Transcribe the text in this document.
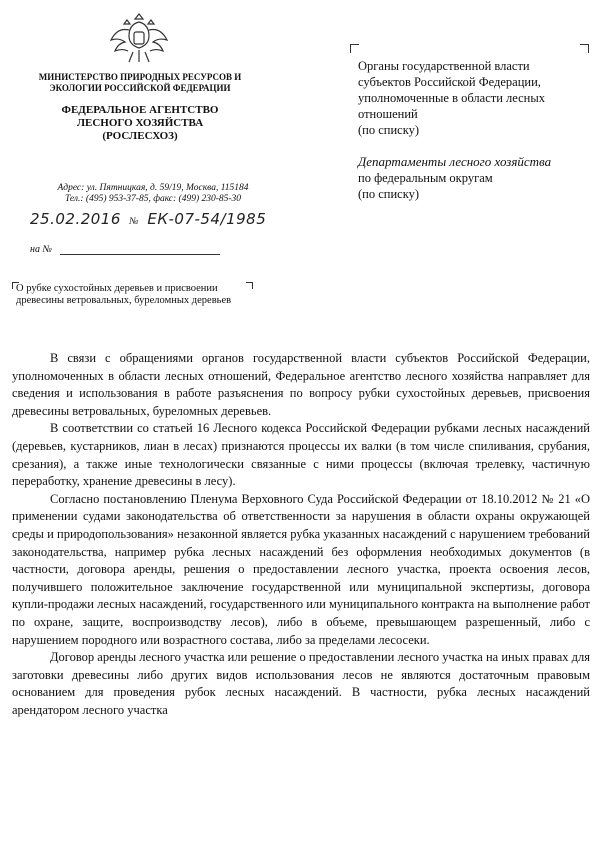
МИНИСТЕРСТВО ПРИРОДНЫХ РЕСУРСОВ И ЭКОЛОГИИ РОССИЙСКОЙ ФЕДЕРАЦИИ
ФЕДЕРАЛЬНОЕ АГЕНТСТВО
ЛЕСНОГО ХОЗЯЙСТВА
(РОСЛЕСХОЗ)
Адрес: ул. Пятницкая, д. 59/19, Москва, 115184
Тел.: (495) 953-37-85, факс: (499) 230-85-30
25.02.2016 № ЕК-07-54/1985
на №
О рубке сухостойных деревьев и присвоении древесины ветровальных, буреломных деревьев
Органы государственной власти
субъектов Российской Федерации,
уполномоченные в области лесных
отношений
(по списку)
Департаменты лесного хозяйства
по федеральным округам
(по списку)

В связи с обращениями органов государственной власти субъектов Российской Федерации, уполномоченных в области лесных отношений, Федеральное агентство лесного хозяйства направляет для сведения и использования в работе разъяснения по вопросу рубки сухостойных деревьев, присвоения древесины ветровальных, буреломных деревьев.

В соответствии со статьей 16 Лесного кодекса Российской Федерации рубками лесных насаждений (деревьев, кустарников, лиан в лесах) признаются процессы их валки (в том числе спиливания, срубания, срезания), а также иные технологически связанные с ними процессы (включая трелевку, частичную переработку, хранение древесины в лесу).

Согласно постановлению Пленума Верховного Суда Российской Федерации от 18.10.2012 № 21 «О применении судами законодательства об ответственности за нарушения в области охраны окружающей среды и природопользования» незаконной является рубка указанных насаждений с нарушением требований законодательства, например рубка лесных насаждений без оформления необходимых документов (в частности, договора аренды, решения о предоставлении лесного участка, проекта освоения лесов, получившего положительное заключение государственной или муниципальной экспертизы, договора купли-продажи лесных насаждений, государственного или муниципального контракта на выполнение работ по охране, защите, воспроизводству лесов), либо в объеме, превышающем разрешенный, либо с нарушением породного или возрастного состава, либо за пределами лесосеки.

Договор аренды лесного участка или решение о предоставлении лесного участка на иных правах для заготовки древесины либо других видов использования лесов не являются достаточным правовым основанием для проведения рубок лесных насаждений. В частности, рубка лесных насаждений арендатором лесного участка
